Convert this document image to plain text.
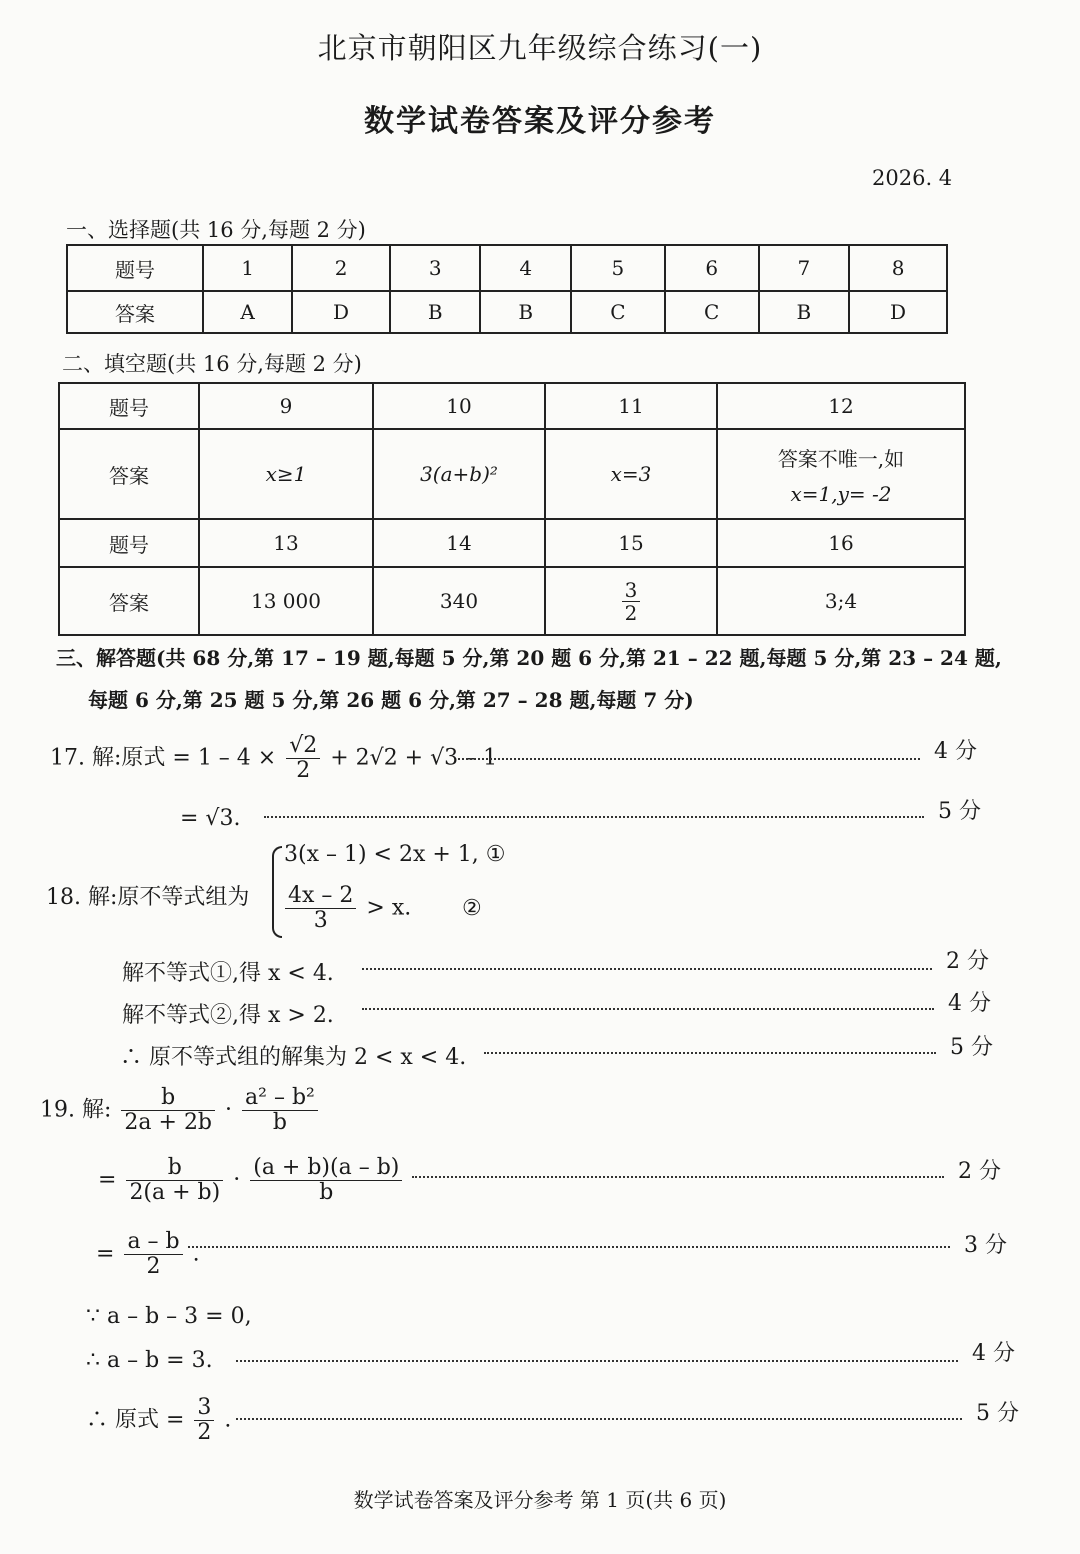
北京市朝阳区九年级综合练习(一)
数学试卷答案及评分参考
2026. 4
一、选择题(共 16 分,每题 2 分)
题号	1	2	3	4	5	6	7	8
答案	A	D	B	B	C	C	B	D
二、填空题(共 16 分,每题 2 分)
题号	9	10	11	12
答案	x≥1	3(a+b)²	x=3	答案不唯一,如
x=1,y= -2

题号	13	14	15	16
答案	13 000	340	$\frac{3}{2}$	3;4
三、解答题(共 68 分,第 17 – 19 题,每题 5 分,第 20 题 6 分,第 21 – 22 题,每题 5 分,第 23 – 24 题,
每题 6 分,第 25 题 5 分,第 26 题 6 分,第 27 – 28 题,每题 7 分)
17. 解:原式 = $1 - 4 \times \frac{√2}{2} + 2√2 + √3 - 1$	4 分
= √3.	5 分
18. 解:原不等式组为
3(x – 1) < 2x + 1, ①
$\frac{4x - 2}{3} > x$. ②
解不等式①,得 x < 4.	2 分
解不等式②,得 x > 2.	4 分
∴ 原不等式组的解集为 2 < x < 4.	5 分
19. 解: $\frac{b}{2a + 2b} \cdot \frac{\text{a² – b²}}{b}$
= $\frac{b}{2(a + b)} \cdot \frac{(a + b)(a - b)}{b}$	2 分
= $\frac{a - b}{2}$ .	3 分
∵ a – b – 3 = 0,
∴ a – b = 3.	4 分
∴ 原式 = $\frac{3}{2}$ .	5 分
数学试卷答案及评分参考 第 1 页(共 6 页)
